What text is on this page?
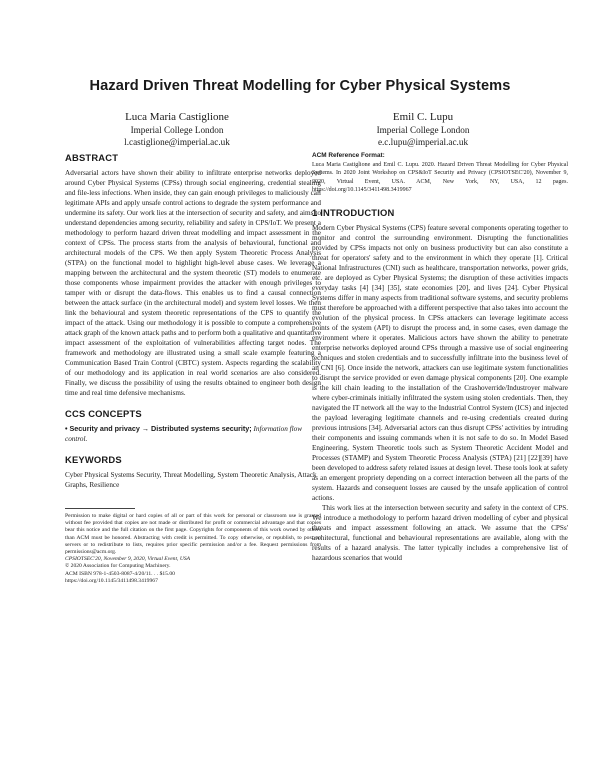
Hazard Driven Threat Modelling for Cyber Physical Systems
Luca Maria Castiglione
Imperial College London
l.castiglione@imperial.ac.uk
Emil C. Lupu
Imperial College London
e.c.lupu@imperial.ac.uk
ABSTRACT

Adversarial actors have shown their ability to infiltrate enterprise networks deployed around Cyber Physical Systems (CPSs) through social engineering, credential stealing and file-less infections. When inside, they can gain enough privileges to maliciously call legitimate APIs and apply unsafe control actions to degrade the system performance and undermine its safety. Our work lies at the intersection of security and safety, and aims to understand dependencies among security, reliability and safety in CPS/IoT. We present a methodology to perform hazard driven threat modelling and impact assessment in the context of CPSs. The process starts from the analysis of behavioural, functional and architectural models of the CPS. We then apply System Theoretic Process Analysis (STPA) on the functional model to highlight high-level abuse cases. We leverage a mapping between the architectural and the system theoretic (ST) models to enumerate those components whose impairment provides the attacker with enough privileges to tamper with or disrupt the data-flows. This enables us to find a causal connection between the attack surface (in the architectural model) and system level losses. We then link the behavioural and system theoretic representations of the CPS to quantify the impact of the attack. Using our methodology it is possible to compute a comprehensive attack graph of the known attack paths and to perform both a qualitative and quantitative impact assessment of the exploitation of vulnerabilities affecting target nodes. The framework and methodology are illustrated using a small scale example featuring a Communication Based Train Control (CBTC) system. Aspects regarding the scalability of our methodology and its application in real world scenarios are also considered. Finally, we discuss the possibility of using the results obtained to engineer both design time and real time defensive mechanisms.

CCS CONCEPTS

• Security and privacy → Distributed systems security; Information flow control.

KEYWORDS

Cyber Physical Systems Security, Threat Modelling, System Theoretic Analysis, Attack Graphs, Resilience

Permission to make digital or hard copies of all or part of this work for personal or classroom use is granted without fee provided that copies are not made or distributed for profit or commercial advantage and that copies bear this notice and the full citation on the first page. Copyrights for components of this work owned by others than ACM must be honored. Abstracting with credit is permitted. To copy otherwise, or republish, to post on servers or to redistribute to lists, requires prior specific permission and/or a fee. Request permissions from permissions@acm.org.

CPSIOTSEC'20, November 9, 2020, Virtual Event, USA

© 2020 Association for Computing Machinery.

ACM ISBN 978-1-4503-8087-4/20/11. . . $15.00

https://doi.org/10.1145/3411498.3419967

ACM Reference Format:

Luca Maria Castiglione and Emil C. Lupu. 2020. Hazard Driven Threat Modelling for Cyber Physical Systems. In 2020 Joint Workshop on CPS&IoT Security and Privacy (CPSIOTSEC'20), November 9, 2020, Virtual Event, USA. ACM, New York, NY, USA, 12 pages. https://doi.org/10.1145/3411498.3419967

1 INTRODUCTION

Modern Cyber Physical Systems (CPS) feature several components operating together to monitor and control the surrounding environment. Disrupting the functionalities provided by CPSs impacts not only on business productivity but can also constitute a threat for operators' safety and to the environment in which they operate [1]. Critical National Infrastructures (CNI) such as healthcare, transportation networks, power grids, etc. are deployed as Cyber Physical Systems; the disruption of these activities impacts everyday tasks [4] [34] [35], state economies [20], and lives [24]. Cyber Physical Systems differ in many aspects from traditional software systems, and security problems must therefore be approached with a different perspective that also takes into account the evolution of the physical process. In CPSs attackers can leverage legitimate access points of the system (API) to disrupt the process and, in some cases, even damage the environment where it operates. Malicious actors have shown the ability to penetrate enterprise networks deployed around CPSs through a massive use of social engineering techniques and stolen credentials and to successfully infiltrate into the business level of an CNI [6]. Once inside the network, attackers can use legitimate system functionalities to disrupt the service provided or even damage physical components [20]. One example is the kill chain leading to the installation of the Crashoverride/Industroyer malware where cyber-criminals initially infiltrated the system using stolen credentials. Then, they navigated the IT network all the way to the Industrial Control System (ICS) and injected the payload leveraging legitimate channels and re-using credentials created during previous intrusions [34]. Adversarial actors can thus disrupt CPSs' activities by intruding their components and issuing commands when it is not safe to do so. In Model Based Engineering, System Theoretic tools such as System Theoretic Accident Model and Processes (STAMP) and System Theoretic Process Analysis (STPA) [21] [22][39] have been developed to address safety related issues at design level. These tools look at safety as an emergent propriety depending on a correct interaction between all the parts of the system. Hazards and consequent losses are caused by the unsafe application of control actions.

This work lies at the intersection between security and safety in the context of CPS. We introduce a methodology to perform hazard driven modelling of cyber and physical threats and impact assessment following an attack. We assume that the CPSs' architectural, functional and behavioural representations are available, along with the results of a hazard analysis. The latter typically includes a comprehensive list of hazardous scenarios that would
